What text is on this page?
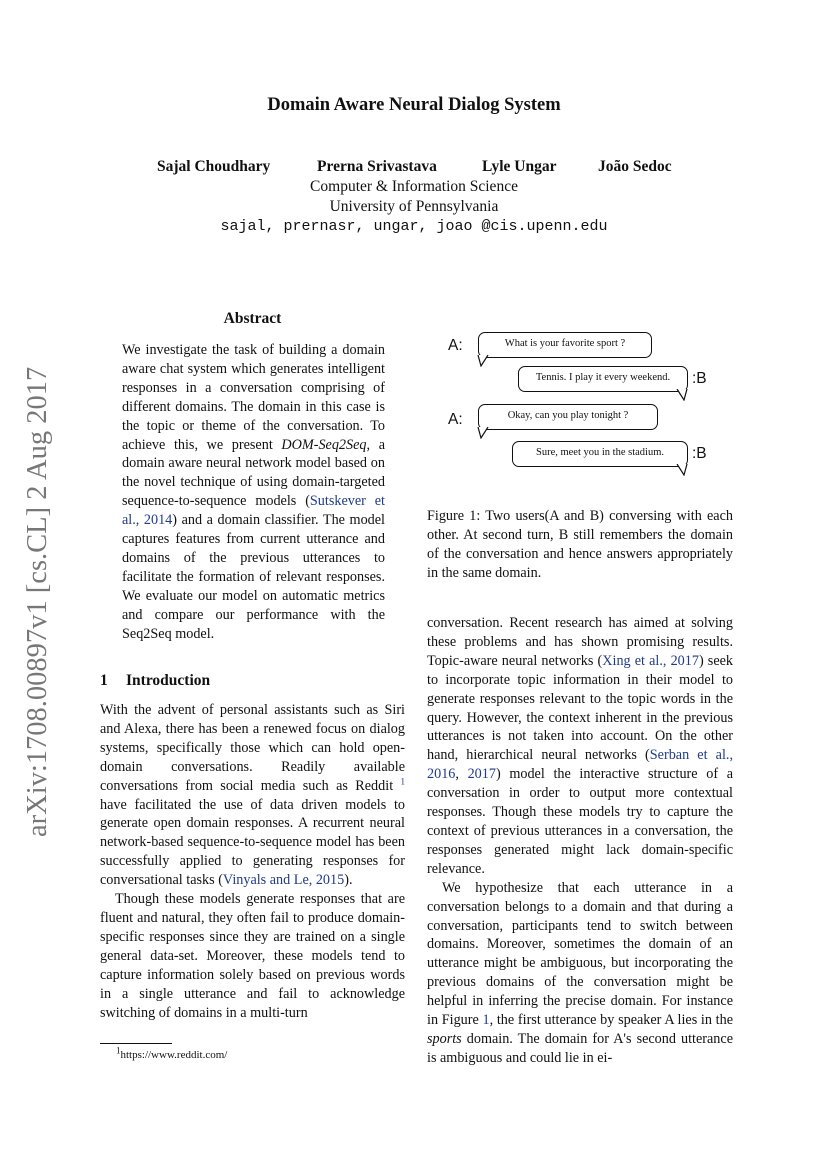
Domain Aware Neural Dialog System
Sajal Choudhary	Prerna Srivastava	Lyle Ungar	João Sedoc
Computer & Information Science
University of Pennsylvania
sajal, prernasr, ungar, joao @cis.upenn.edu
arXiv:1708.00897v1 [cs.CL] 2 Aug 2017
Abstract

We investigate the task of building a domain aware chat system which generates intelligent responses in a conversation comprising of different domains. The domain in this case is the topic or theme of the conversation. To achieve this, we present DOM-Seq2Seq, a domain aware neural network model based on the novel technique of using domain-targeted sequence-to-sequence models (Sutskever et al., 2014) and a domain classifier. The model captures features from current utterance and domains of the previous utterances to facilitate the formation of relevant responses. We evaluate our model on automatic metrics and compare our performance with the Seq2Seq model.

1 Introduction

With the advent of personal assistants such as Siri and Alexa, there has been a renewed focus on dialog systems, specifically those which can hold open-domain conversations. Readily available conversations from social media such as Reddit $^1$ have facilitated the use of data driven models to generate open domain responses. A recurrent neural network-based sequence-to-sequence model has been successfully applied to generating responses for conversational tasks (Vinyals and Le, 2015).

Though these models generate responses that are fluent and natural, they often fail to produce domain-specific responses since they are trained on a single general data-set. Moreover, these models tend to capture information solely based on previous words in a single utterance and fail to acknowledge switching of domains in a multi-turn

$^1$https://www.reddit.com/
A:	What is your favorite sport ?
Tennis. I play it every weekend.	:B
A:	Okay, can you play tonight ?
Sure, meet you in the stadium.	:B
Figure 1: Two users(A and B) conversing with each other. At second turn, B still remembers the domain of the conversation and hence answers appropriately in the same domain.

conversation. Recent research has aimed at solving these problems and has shown promising results. Topic-aware neural networks (Xing et al., 2017) seek to incorporate topic information in their model to generate responses relevant to the topic words in the query. However, the context inherent in the previous utterances is not taken into account. On the other hand, hierarchical neural networks (Serban et al., 2016, 2017) model the interactive structure of a conversation in order to output more contextual responses. Though these models try to capture the context of previous utterances in a conversation, the responses generated might lack domain-specific relevance.

We hypothesize that each utterance in a conversation belongs to a domain and that during a conversation, participants tend to switch between domains. Moreover, sometimes the domain of an utterance might be ambiguous, but incorporating the previous domains of the conversation might be helpful in inferring the precise domain. For instance in Figure 1, the first utterance by speaker A lies in the sports domain. The domain for A's second utterance is ambiguous and could lie in ei-
